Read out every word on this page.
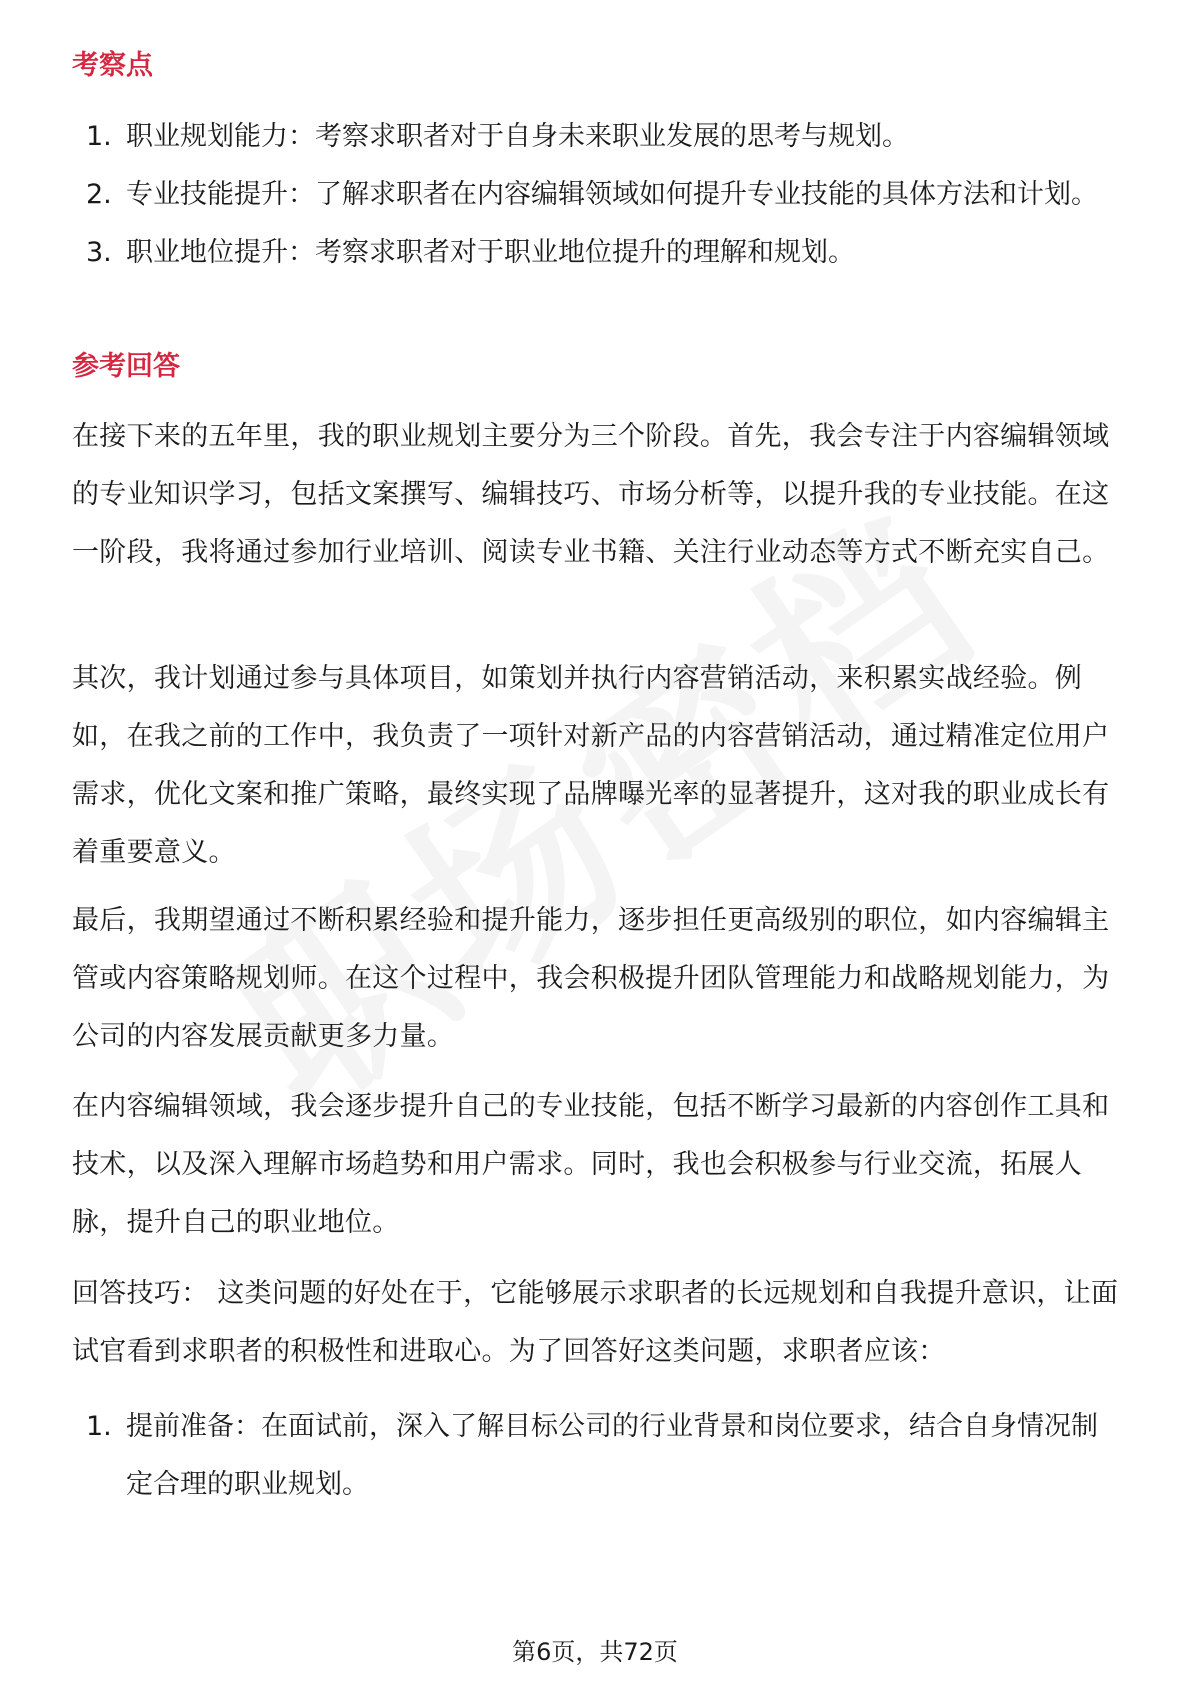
考察点
1. 职业规划能力：考察求职者对于自身未来职业发展的思考与规划。
2. 专业技能提升：了解求职者在内容编辑领域如何提升专业技能的具体方法和计划。
3. 职业地位提升：考察求职者对于职业地位提升的理解和规划。
参考回答

在接下来的五年里，我的职业规划主要分为三个阶段。首先，我会专注于内容编辑领域的专业知识学习，包括文案撰写、编辑技巧、市场分析等，以提升我的专业技能。在这一阶段，我将通过参加行业培训、阅读专业书籍、关注行业动态等方式不断充实自己。

其次，我计划通过参与具体项目，如策划并执行内容营销活动，来积累实战经验。例如，在我之前的工作中，我负责了一项针对新产品的内容营销活动，通过精准定位用户需求，优化文案和推广策略，最终实现了品牌曝光率的显著提升，这对我的职业成长有着重要意义。

最后，我期望通过不断积累经验和提升能力，逐步担任更高级别的职位，如内容编辑主管或内容策略规划师。在这个过程中，我会积极提升团队管理能力和战略规划能力，为公司的内容发展贡献更多力量。

在内容编辑领域，我会逐步提升自己的专业技能，包括不断学习最新的内容创作工具和技术，以及深入理解市场趋势和用户需求。同时，我也会积极参与行业交流，拓展人脉，提升自己的职业地位。

回答技巧： 这类问题的好处在于，它能够展示求职者的长远规划和自我提升意识，让面试官看到求职者的积极性和进取心。为了回答好这类问题，求职者应该：

1. 提前准备：在面试前，深入了解目标公司的行业背景和岗位要求，结合自身情况制定合理的职业规划。
第6页，共72页
